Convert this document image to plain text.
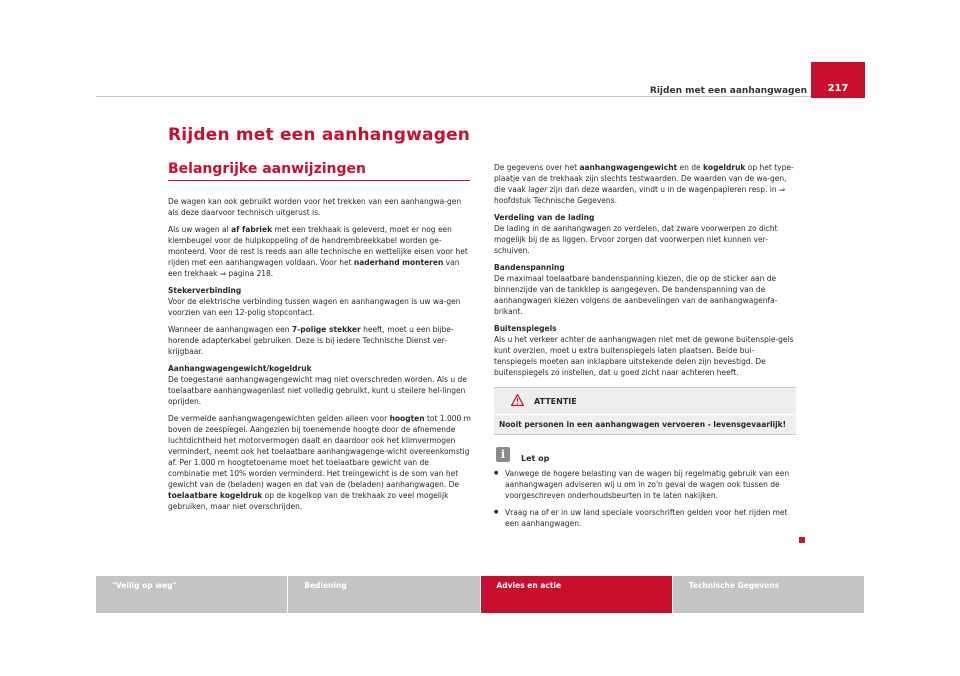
Rijden met een aanhangwagen	217
Rijden met een aanhangwagen
Belangrijke aanwijzingen

De wagen kan ook gebruikt worden voor het trekken van een aanhangwa-gen als deze daarvoor technisch uitgerust is.

Als uw wagen al af fabriek met een trekhaak is geleverd, moet er nog een klembeugel voor de hulpkoppeling of de handrembreekkabel worden ge-monteerd. Voor de rest is reeds aan alle technische en wettelijke eisen voor het rijden met een aanhangwagen voldaan. Voor het naderhand monteren van een trekhaak ⇒ pagina 218.

Stekerverbinding
Voor de elektrische verbinding tussen wagen en aanhangwagen is uw wa-gen voorzien van een 12-polig stopcontact.

Wanneer de aanhangwagen een 7-polige stekker heeft, moet u een bijbe-horende adapterkabel gebruiken. Deze is bij iedere Technische Dienst ver-krijgbaar.

Aanhangwagengewicht/kogeldruk
De toegestane aanhangwagengewicht mag niet overschreden worden. Als u de toelaatbare aanhangwagenlast niet volledig gebruikt, kunt u steilere hel-lingen oprijden.

De vermelde aanhangwagengewichten gelden alleen voor hoogten tot 1.000 m boven de zeespiegel. Aangezien bij toenemende hoogte door de afnemende luchtdichtheid het motorvermogen daalt en daardoor ook het klimvermogen vermindert, neemt ook het toelaatbare aanhangwagenge-wicht overeenkomstig af. Per 1.000 m hoogtetoename moet het toelaatbare gewicht van de combinatie met 10% worden verminderd. Het treingewicht is de som van het gewicht van de (beladen) wagen en dat van de (beladen) aanhangwagen. De toelaatbare kogeldruk op de kogelkop van de trekhaak zo veel mogelijk gebruiken, maar niet overschrijden.

De gegevens over het aanhangwagengewicht en de kogeldruk op het type-plaatje van de trekhaak zijn slechts testwaarden. De waarden van de wa-gen, die vaak lager zijn dan deze waarden, vindt u in de wagenpapieren resp. in ⇒ hoofdstuk Technische Gegevens.

Verdeling van de lading
De lading in de aanhangwagen zo verdelen, dat zware voorwerpen zo dicht mogelijk bij de as liggen. Ervoor zorgen dat voorwerpen niet kunnen ver-schuiven.

Bandenspanning
De maximaal toelaatbare bandenspanning kiezen, die op de sticker aan de binnenzijde van de tankklep is aangegeven. De bandenspanning van de aanhangwagen kiezen volgens de aanbevelingen van de aanhangwagenfa-brikant.

Buitenspiegels
Als u het verkeer achter de aanhangwagen niet met de gewone buitenspie-gels kunt overzien, moet u extra buitenspiegels laten plaatsen. Beide bui-tenspiegels moeten aan inklapbare uitstekende delen zijn bevestigd. De buitenspiegels zo instellen, dat u goed zicht naar achteren heeft.

ATTENTIE
Nooit personen in een aanhangwagen vervoeren - levensgevaarlijk!
i
Let op

● Vanwege de hogere belasting van de wagen bij regelmatig gebruik van een aanhangwagen adviseren wij u om in zo'n geval de wagen ook tussen de voorgeschreven onderhoudsbeurten in te laten nakijken.

● Vraag na of er in uw land speciale voorschriften gelden voor het rijden met een aanhangwagen.

"Veilig op weg"	Bediening	Advies en actie	Technische Gegevens
